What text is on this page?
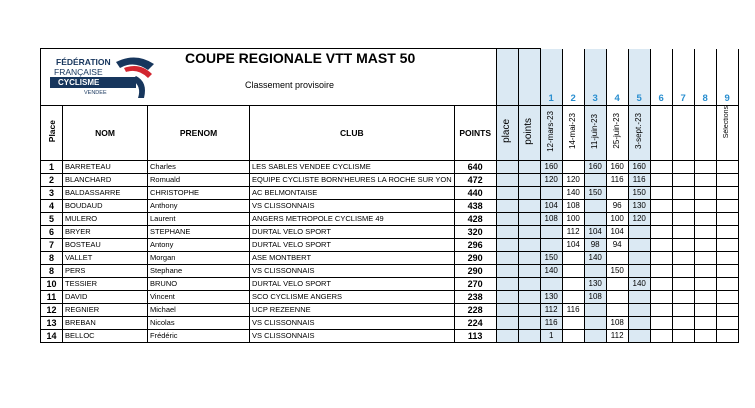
FÉDÉRATION
FRANÇAISE
CYCLISME
VENDEE
COUPE REGIONALE VTT MAST 50
Classement provisoire

							1	2	3	4	5	6	7	8	9
Place	NOM	PRENOM	CLUB	POINTS	place	points	12-mars-23	14-mai-23	11-juin-23	25-juin-23	3-sept.-23				Sélections
1	BARRETEAU	Charles	LES SABLES VENDEE CYCLISME	640			160		160	160	160				
2	BLANCHARD	Romuald	EQUIPE CYCLISTE BORN'HEURES LA ROCHE SUR YON	472			120	120		116	116				
3	BALDASSARRE	CHRISTOPHE	AC BELMONTAISE	440				140	150		150				
4	BOUDAUD	Anthony	VS CLISSONNAIS	438			104	108		96	130				
5	MULERO	Laurent	ANGERS METROPOLE CYCLISME 49	428			108	100		100	120				
6	BRYER	STEPHANE	DURTAL VELO SPORT	320				112	104	104					
7	BOSTEAU	Antony	DURTAL VELO SPORT	296				104	98	94					
8	VALLET	Morgan	ASE MONTBERT	290			150		140						
8	PERS	Stephane	VS CLISSONNAIS	290			140			150					
10	TESSIER	BRUNO	DURTAL VELO SPORT	270					130		140				
11	DAVID	Vincent	SCO CYCLISME ANGERS	238			130		108						
12	REGNIER	Michael	UCP REZEENNE	228			112	116							
13	BREBAN	Nicolas	VS CLISSONNAIS	224			116			108					
14	BELLOC	Frédéric	VS CLISSONNAIS	113			1			112					
